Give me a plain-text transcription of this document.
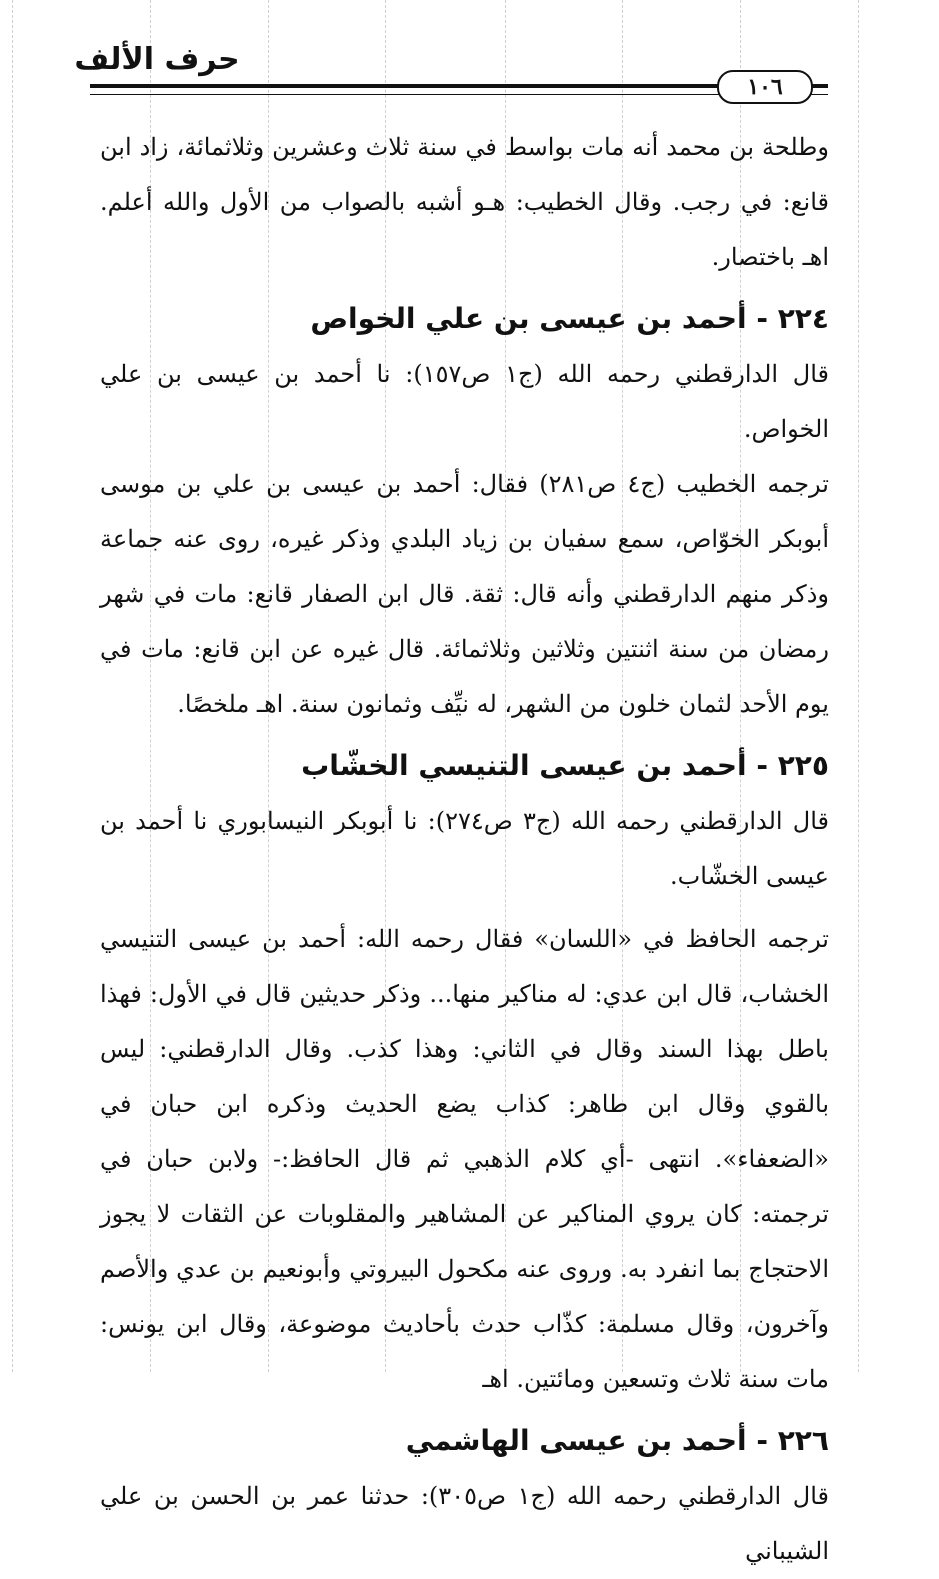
حرف الألف
١٠٦

وطلحة بن محمد أنه مات بواسط في سنة ثلاث وعشرين وثلاثمائة، زاد ابن قانع: في رجب. وقال الخطيب: هـو أشبه بالصواب من الأول والله أعلم. اهـ باختصار.

٢٢٤ - أحمد بن عيسى بن علي الخواص

قال الدارقطني رحمه الله (ج١ ص١٥٧): نا أحمد بن عيسى بن علي الخواص.

ترجمه الخطيب (ج٤ ص٢٨١) فقال: أحمد بن عيسى بن علي بن موسى أبوبكر الخوّاص، سمع سفيان بن زياد البلدي وذكر غيره، روى عنه جماعة وذكر منهم الدارقطني وأنه قال: ثقة. قال ابن الصفار قانع: مات في شهر رمضان من سنة اثنتين وثلاثين وثلاثمائة. قال غيره عن ابن قانع: مات في يوم الأحد لثمان خلون من الشهر، له نيِّف وثمانون سنة. اهـ ملخصًا.

٢٢٥ - أحمد بن عيسى التنيسي الخشّاب

قال الدارقطني رحمه الله (ج٣ ص٢٧٤): نا أبوبكر النيسابوري نا أحمد بن عيسى الخشّاب.

ترجمه الحافظ في «اللسان» فقال رحمه الله: أحمد بن عيسى التنيسي الخشاب، قال ابن عدي: له مناكير منها... وذكر حديثين قال في الأول: فهذا باطل بهذا السند وقال في الثاني: وهذا كذب. وقال الدارقطني: ليس بالقوي وقال ابن طاهر: كذاب يضع الحديث وذكره ابن حبان في «الضعفاء». انتهى -أي كلام الذهبي ثم قال الحافظ:- ولابن حبان في ترجمته: كان يروي المناكير عن المشاهير والمقلوبات عن الثقات لا يجوز الاحتجاج بما انفرد به. وروى عنه مكحول البيروتي وأبونعيم بن عدي والأصم وآخرون، وقال مسلمة: كذّاب حدث بأحاديث موضوعة، وقال ابن يونس: مات سنة ثلاث وتسعين ومائتين. اهـ

٢٢٦ - أحمد بن عيسى الهاشمي

قال الدارقطني رحمه الله (ج١ ص٣٠٥): حدثنا عمر بن الحسن بن علي الشيباني
